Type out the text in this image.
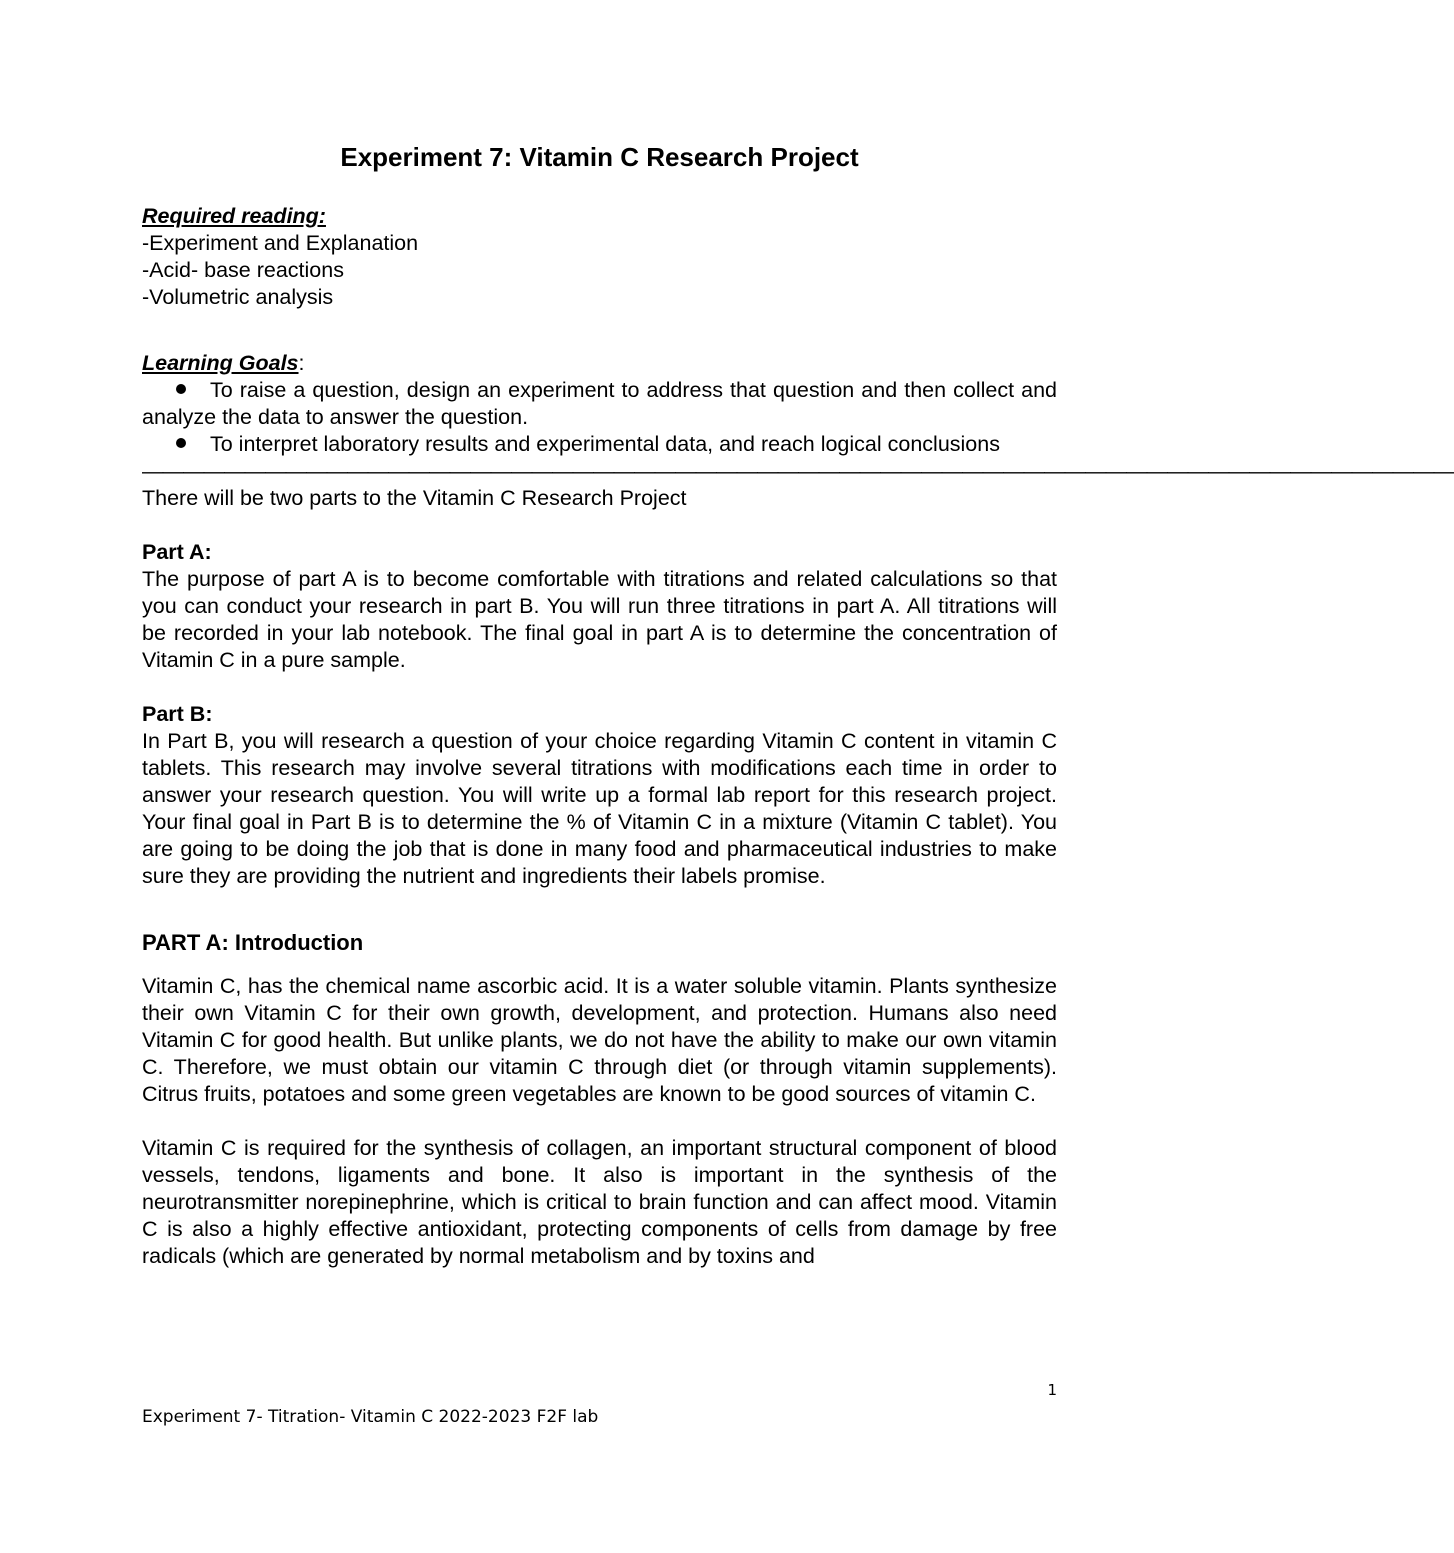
Experiment 7: Vitamin C Research Project
Required reading:
-Experiment and Explanation
-Acid- base reactions
-Volumetric analysis
Learning Goals:

To raise a question, design an experiment to address that question and then collect and analyze the data to answer the question.

To interpret laboratory results and experimental data, and reach logical conclusions

————————————————————————————————————————————————————————————————
There will be two parts to the Vitamin C Research Project
Part A:

The purpose of part A is to become comfortable with titrations and related calculations so that you can conduct your research in part B. You will run three titrations in part A. All titrations will be recorded in your lab notebook. The final goal in part A is to determine the concentration of Vitamin C in a pure sample.

Part B:

In Part B, you will research a question of your choice regarding Vitamin C content in vitamin C tablets. This research may involve several titrations with modifications each time in order to answer your research question. You will write up a formal lab report for this research project. Your final goal in Part B is to determine the % of Vitamin C in a mixture (Vitamin C tablet). You are going to be doing the job that is done in many food and pharmaceutical industries to make sure they are providing the nutrient and ingredients their labels promise.

PART A: Introduction

Vitamin C, has the chemical name ascorbic acid. It is a water soluble vitamin. Plants synthesize their own Vitamin C for their own growth, development, and protection. Humans also need Vitamin C for good health. But unlike plants, we do not have the ability to make our own vitamin C. Therefore, we must obtain our vitamin C through diet (or through vitamin supplements). Citrus fruits, potatoes and some green vegetables are known to be good sources of vitamin C.

Vitamin C is required for the synthesis of collagen, an important structural component of blood vessels, tendons, ligaments and bone. It also is important in the synthesis of the neurotransmitter norepinephrine, which is critical to brain function and can affect mood. Vitamin C is also a highly effective antioxidant, protecting components of cells from damage by free radicals (which are generated by normal metabolism and by toxins and

1
Experiment 7- Titration- Vitamin C 2022-2023 F2F lab
